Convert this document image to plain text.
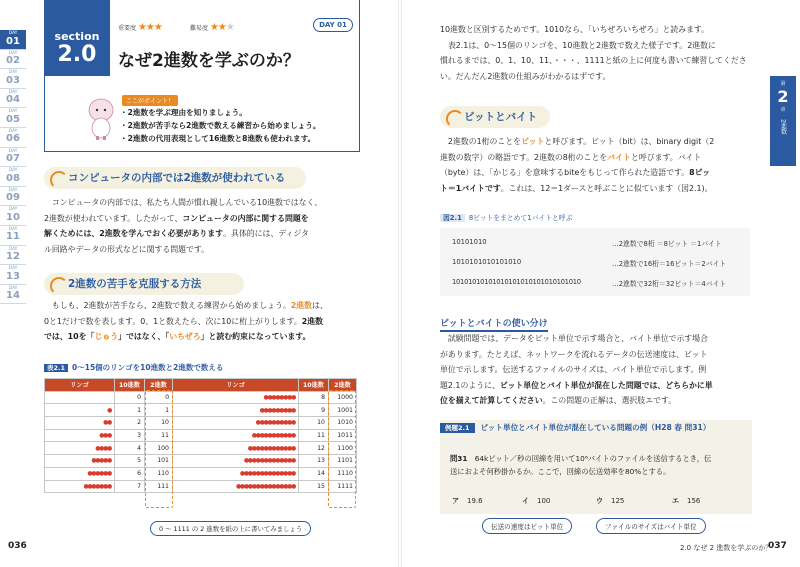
DAY
01
DAY
02
DAY
03
DAY
04
DAY
05
DAY
06
DAY
07
DAY
08
DAY
09
DAY
10
DAY
11
DAY
12
DAY
13
DAY
14
section
2.0
重要度 ★★★	難易度 ★★★	DAY 01
なぜ2進数を学ぶのか？
ここがポイント！
・2進数を学ぶ理由を知りましょう。
・2進数が苦手なら2進数で数える練習から始めましょう。
・2進数の代用表現として16進数と8進数も使われます。
コンピュータの内部では2進数が使われている
　コンピュータの内部では、私たち人間が慣れ親しんでいる10進数ではなく、
2進数が使われています。したがって、コンピュータの内部に関する問題を
解くためには、2進数を学んでおく必要があります。具体的には、ディジタ
ル回路やデータの形式などに関する問題です。
2進数の苦手を克服する方法
　もしも、2進数が苦手なら、2進数で数える練習から始めましょう。2進数は、
0と1だけで数を表します。0、1と数えたら、次に10に桁上がりします。2進数
では、10を「じゅう」ではなく、「いちぜろ」と読む約束になっています。
表2.1 0～15個のリンゴを10進数と2進数で数える
リンゴ	10進数	2進数	リンゴ	10進数	2進数
	0	0	●●●●●●●●	8	1000
●	1	1	●●●●●●●●●	9	1001
●●	2	10	●●●●●●●●●●	10	1010
●●●	3	11	●●●●●●●●●●●	11	1011
●●●●	4	100	●●●●●●●●●●●●	12	1100
●●●●●	5	101	●●●●●●●●●●●●●	13	1101
●●●●●●	6	110	●●●●●●●●●●●●●●	14	1110
●●●●●●●	7	111	●●●●●●●●●●●●●●●	15	1111
0 ～ 1111 の 2 進数を紙の上に書いてみましょう
036
10進数と区別するためです。1010なら、「いちぜろいちぜろ」と読みます。
　表2.1は、0～15個のリンゴを、10進数と2進数で数えた様子です。2進数に
慣れるまでは、0、1、10、11、・・・、1111と紙の上に何度も書いて練習してくださ
い。だんだん2進数の仕組みがわかるはずです。
第
2
章
2進数
ビットとバイト
　2進数の1桁のことをビットと呼びます。ビット（bit）は、binary digit（2
進数の数字）の略語です。2進数の8桁のことをバイトと呼びます。バイト
（byte）は、「かじる」を意味するbiteをもじって作られた造語です。8ビッ
ト＝1バイトです。これは、12＝1ダースと呼ぶことに似ています（図2.1)。
図2.1 8ビットをまとめて1バイトと呼ぶ
10101010	…2進数で8桁 ＝8ビット ＝1バイト
1010101010101010	…2進数で16桁＝16ビット＝2バイト
10101010101010101010101010101010	…2進数で32桁＝32ビット＝4バイト
ビットとバイトの使い分け
　試験問題では、データをビット単位で示す場合と、バイト単位で示す場合
があります。たとえば、ネットワークを流れるデータの伝送速度は、ビット
単位で示します。伝送するファイルのサイズは、バイト単位で示します。例
題2.1のように、ビット単位とバイト単位が混在した問題では、どちらかに単
位を揃えて計算してください。この問題の正解は、選択肢エです。
例題2.1 ビット単位とバイト単位が混在している問題の例（H28 春 問31）
問31　 64kビット／秒の回線を用いて10⁶バイトのファイルを送信するとき，伝
送におよそ何秒掛かるか。ここで，回線の伝送効率を80%とする。
ア 19.6	イ 100	ウ 125	エ 156
伝送の速度はビット単位	ファイルのサイズはバイト単位
2.0 なぜ 2 進数を学ぶのか？
037
